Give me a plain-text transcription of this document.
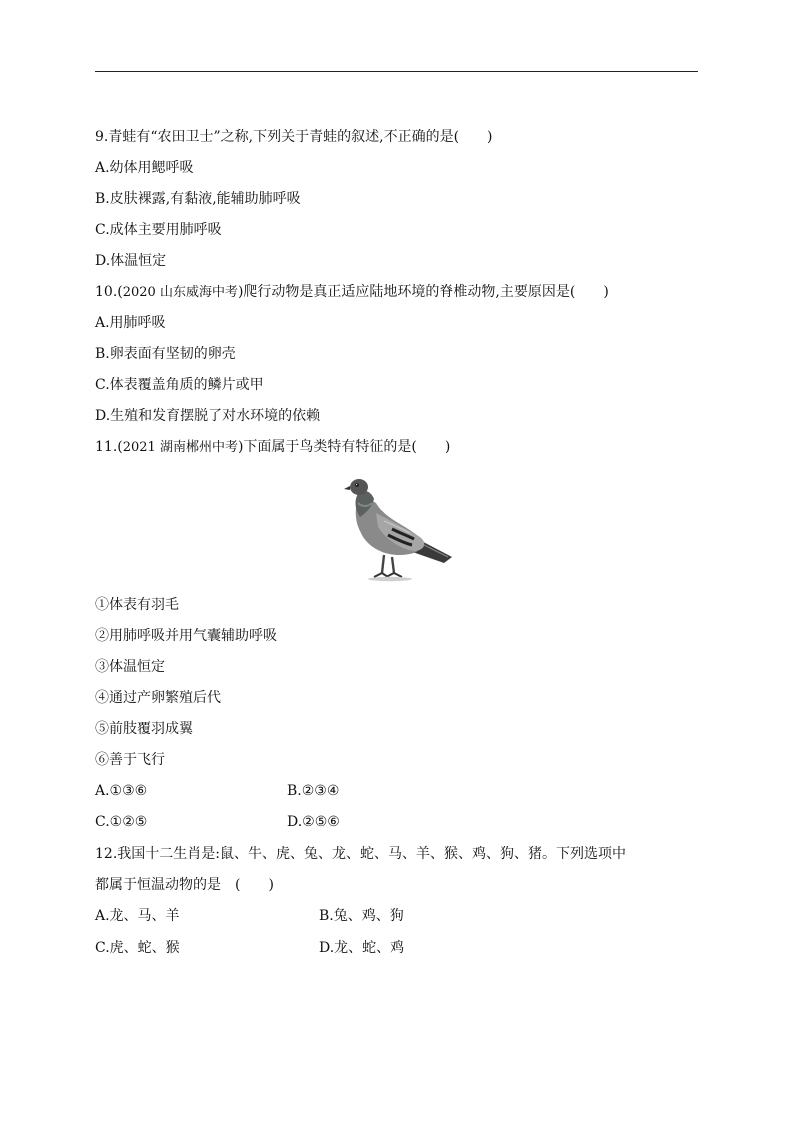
9.青蛙有“农田卫士”之称,下列关于青蛙的叙述,不正确的是(　　)
A.幼体用鳃呼吸
B.皮肤裸露,有黏液,能辅助肺呼吸
C.成体主要用肺呼吸
D.体温恒定
10.(2020 山东威海中考)爬行动物是真正适应陆地环境的脊椎动物,主要原因是(　　)
A.用肺呼吸
B.卵表面有坚韧的卵壳
C.体表覆盖角质的鳞片或甲
D.生殖和发育摆脱了对水环境的依赖
11.(2021 湖南郴州中考)下面属于鸟类特有特征的是(　　)
①体表有羽毛
②用肺呼吸并用气囊辅助呼吸
③体温恒定
④通过产卵繁殖后代
⑤前肢覆羽成翼
⑥善于飞行
A.①③⑥	B.②③④
C.①②⑤	D.②⑤⑥
12.我国十二生肖是:鼠、牛、虎、兔、龙、蛇、马、羊、猴、鸡、狗、猪。下列选项中
都属于恒温动物的是　(　　)
A.龙、马、羊	B.兔、鸡、狗
C.虎、蛇、猴	D.龙、蛇、鸡
